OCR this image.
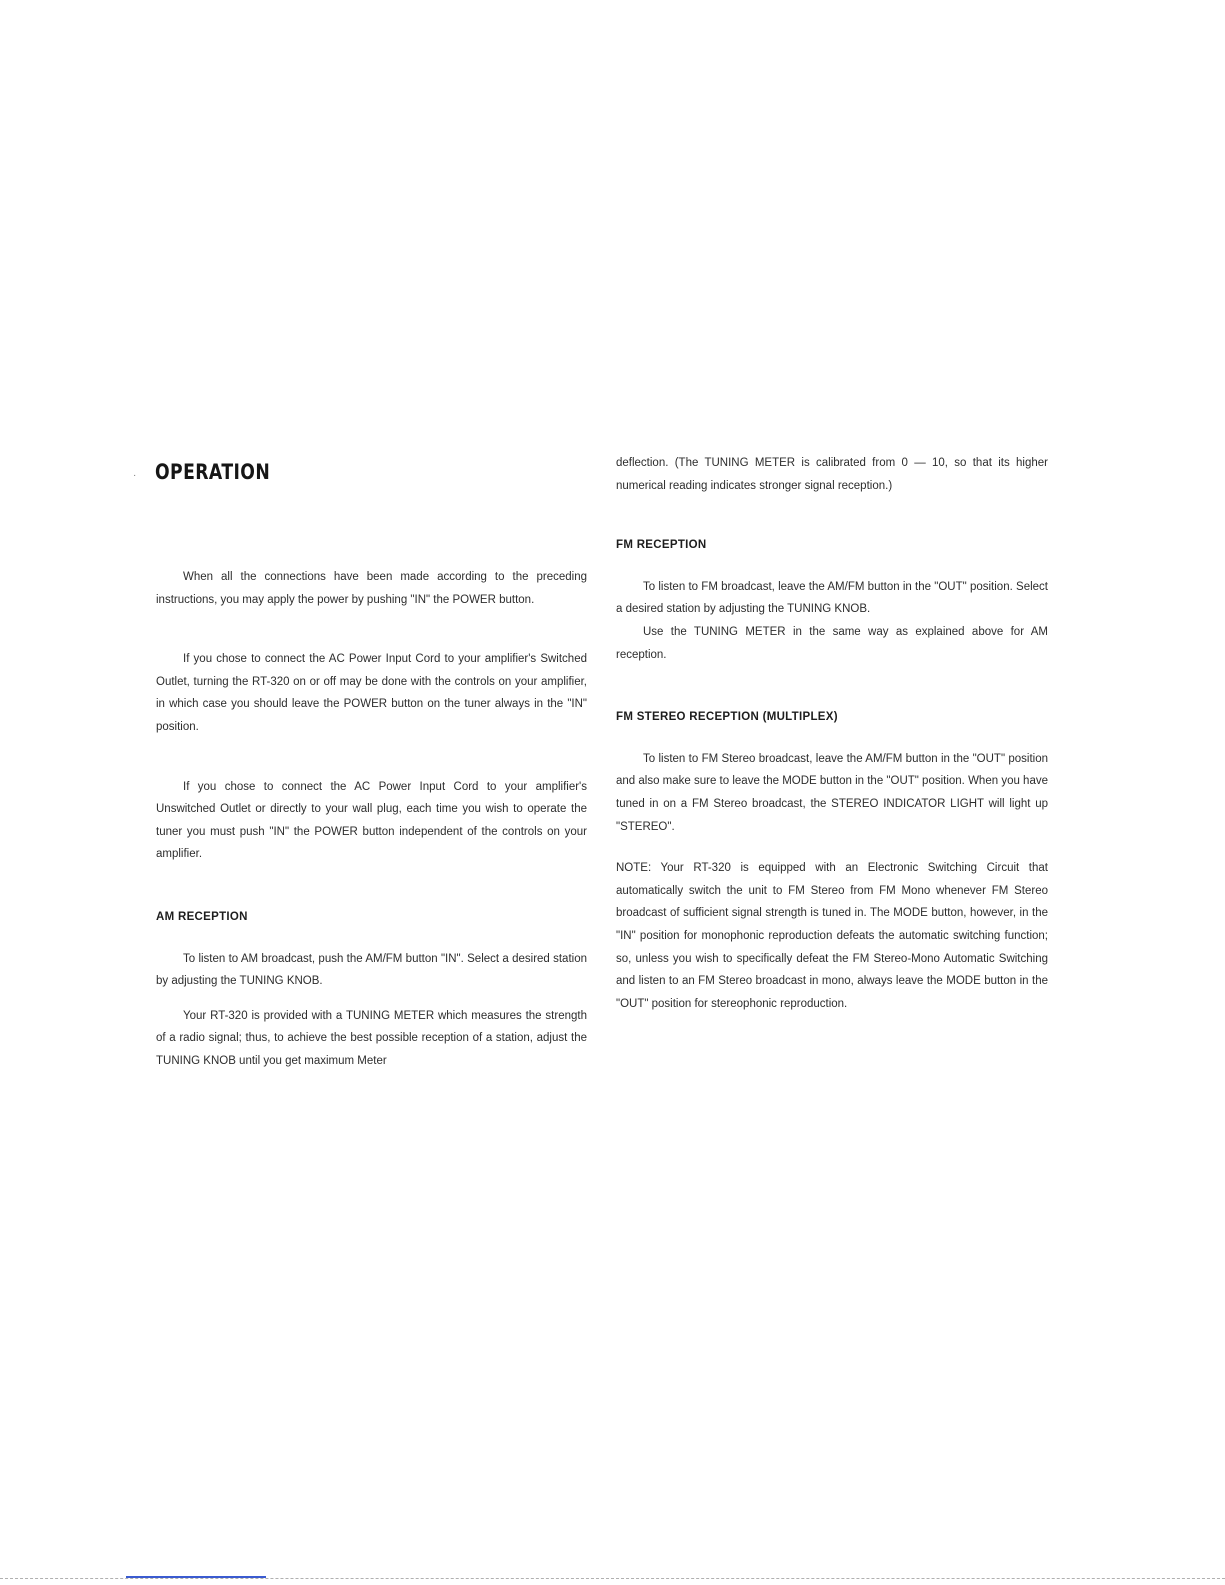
· OPERATION

When all the connections have been made according to the preceding instructions, you may apply the power by pushing "IN" the POWER button.

If you chose to connect the AC Power Input Cord to your amplifier's Switched Outlet, turning the RT-320 on or off may be done with the controls on your amplifier, in which case you should leave the POWER button on the tuner always in the "IN" position.

If you chose to connect the AC Power Input Cord to your amplifier's Unswitched Outlet or directly to your wall plug, each time you wish to operate the tuner you must push "IN" the POWER button independent of the controls on your amplifier.

AM RECEPTION

To listen to AM broadcast, push the AM/FM button "IN". Select a desired station by adjusting the TUNING KNOB.

Your RT-320 is provided with a TUNING METER which measures the strength of a radio signal; thus, to achieve the best possible reception of a station, adjust the TUNING KNOB until you get maximum Meter

deflection. (The TUNING METER is calibrated from 0 — 10, so that its higher numerical reading indicates stronger signal reception.)

FM RECEPTION

To listen to FM broadcast, leave the AM/FM button in the "OUT" position. Select a desired station by adjusting the TUNING KNOB.

Use the TUNING METER in the same way as explained above for AM reception.

FM STEREO RECEPTION (MULTIPLEX)

To listen to FM Stereo broadcast, leave the AM/FM button in the "OUT" position and also make sure to leave the MODE button in the "OUT" position. When you have tuned in on a FM Stereo broadcast, the STEREO INDICATOR LIGHT will light up "STEREO".

NOTE: Your RT-320 is equipped with an Electronic Switching Circuit that automatically switch the unit to FM Stereo from FM Mono whenever FM Stereo broadcast of sufficient signal strength is tuned in. The MODE button, however, in the "IN" position for monophonic reproduction defeats the automatic switching function; so, unless you wish to specifically defeat the FM Stereo-Mono Automatic Switching and listen to an FM Stereo broadcast in mono, always leave the MODE button in the "OUT" position for stereophonic reproduction.
